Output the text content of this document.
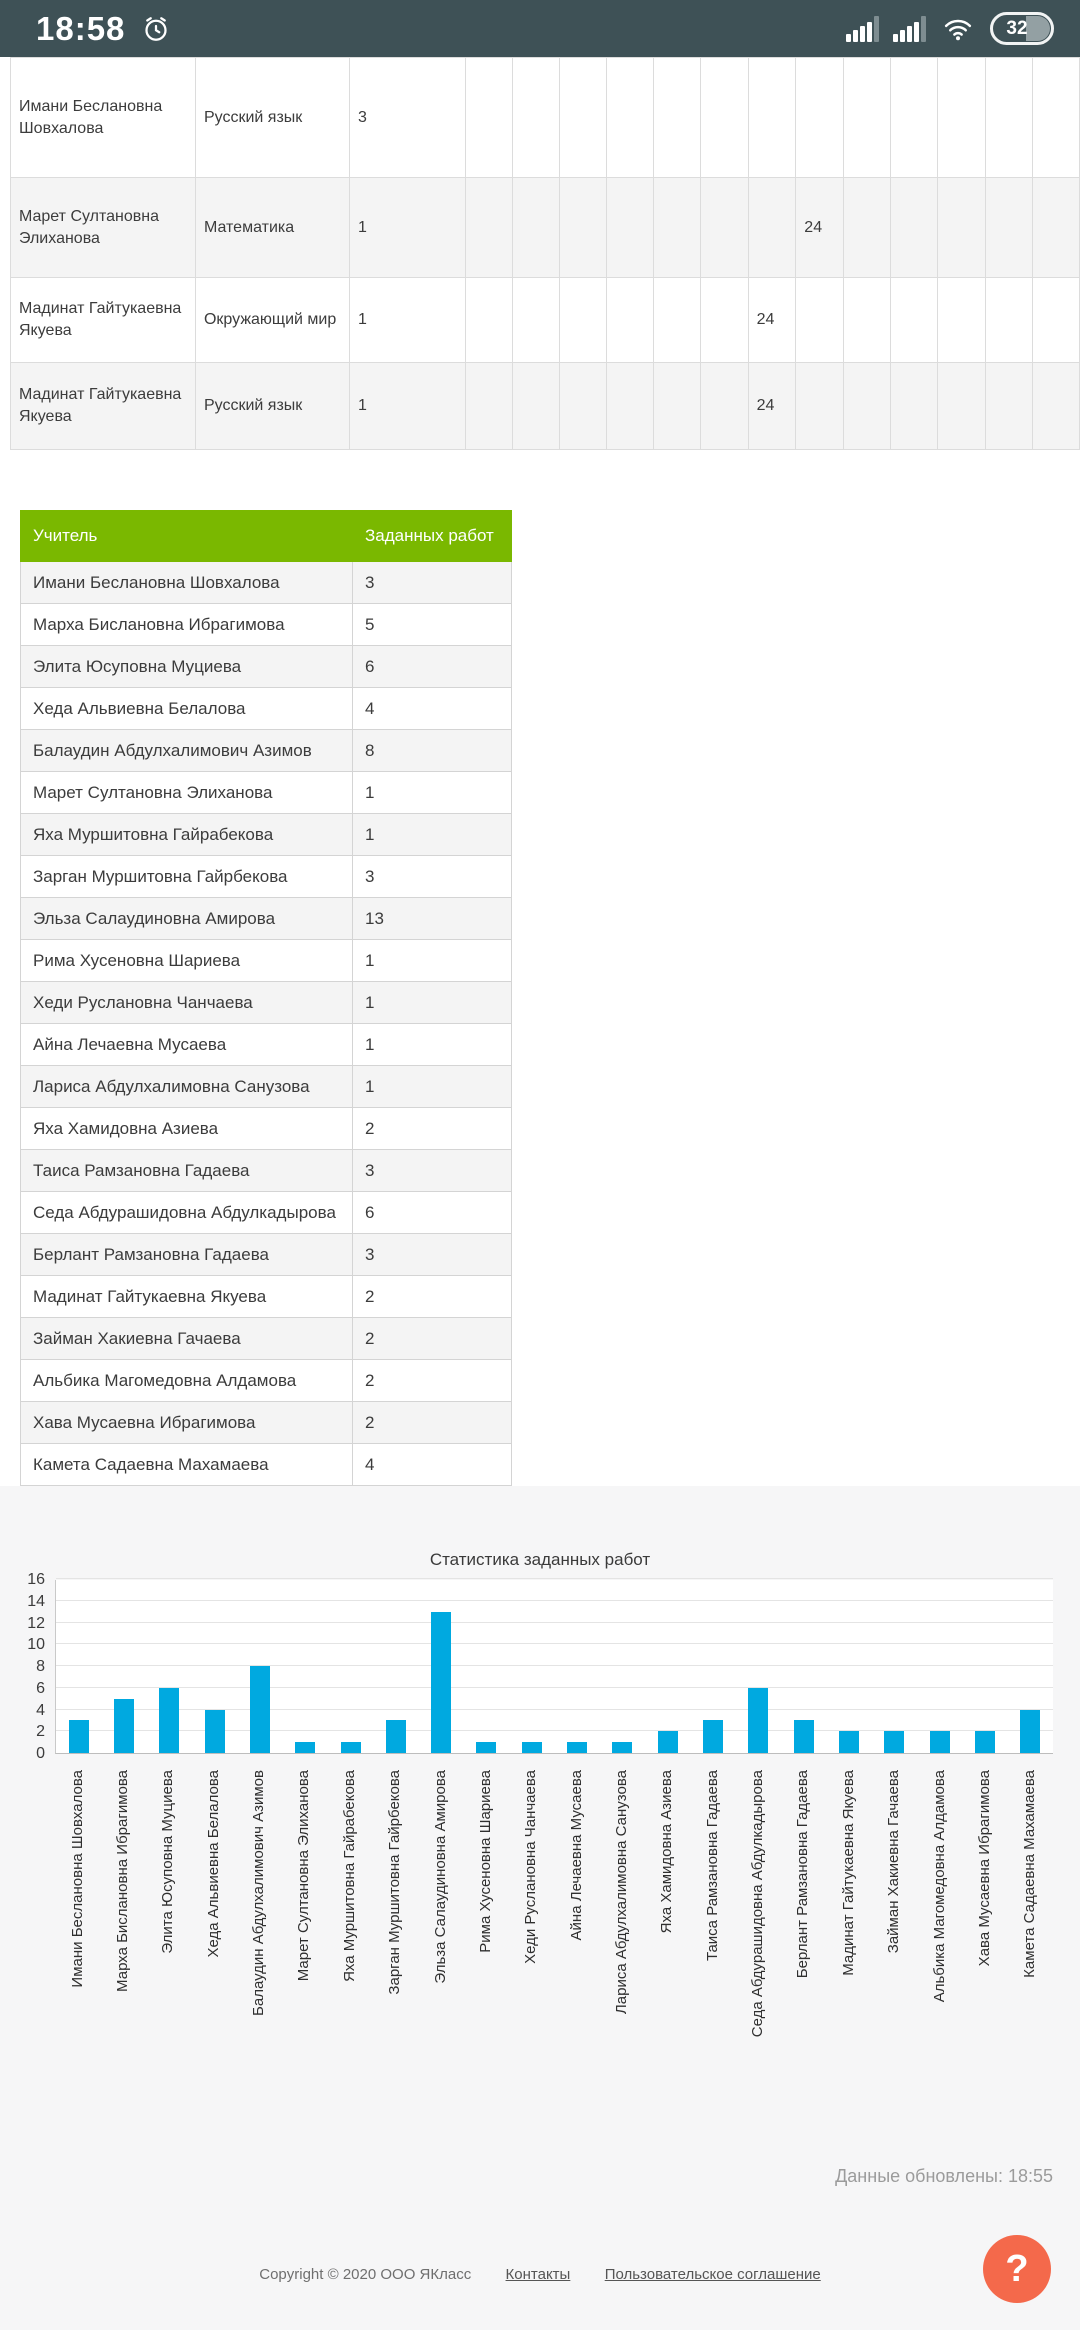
18:58	32
Имани Беслановна Шовхалова	Русский язык	3													
Марет Султановна Элиханова	Математика	1								24					
Мадинат Гайтукаевна Якуева	Окружающий мир	1							24						
Мадинат Гайтукаевна Якуева	Русский язык	1							24						
Учитель	Заданных работ
Имани Беслановна Шовхалова	3
Марха Бислановна Ибрагимова	5
Элита Юсуповна Муциева	6
Хеда Альвиевна Белалова	4
Балаудин Абдулхалимович Азимов	8
Марет Султановна Элиханова	1
Яха Муршитовна Гайрабекова	1
Зарган Муршитовна Гайрбекова	3
Эльза Салаудиновна Амирова	13
Рима Хусеновна Шариева	1
Хеди Руслановна Чанчаева	1
Айна Лечаевна Мусаева	1
Лариса Абдулхалимовна Санузова	1
Яха Хамидовна Азиева	2
Таиса Рамзановна Гадаева	3
Седа Абдурашидовна Абдулкадырова	6
Берлант Рамзановна Гадаева	3
Мадинат Гайтукаевна Якуева	2
Займан Хакиевна Гачаева	2
Альбика Магомедовна Алдамова	2
Хава Мусаевна Ибрагимова	2
Камета Садаевна Махамаева	4
Статистика заданных работ
0
2
4
6
8
10
12
14
16
Имани Беслановна Шовхалова Марха Бислановна Ибрагимова Элита Юсуповна Муциева Хеда Альвиевна Белалова Балаудин Абдулхалимович Азимов Марет Султановна Элиханова Яха Муршитовна Гайрабекова Зарган Муршитовна Гайрбекова Эльза Салаудиновна Амирова Рима Хусеновна Шариева Хеди Руслановна Чанчаева Айна Лечаевна Мусаева Лариса Абдулхалимовна Санузова Яха Хамидовна Азиева Таиса Рамзановна Гадаева Седа Абдурашидовна Абдулкадырова Берлант Рамзановна Гадаева Мадинат Гайтукаевна Якуева Займан Хакиевна Гачаева Альбика Магомедовна Алдамова Хава Мусаевна Ибрагимова Камета Садаевна Махамаева
Данные обновлены: 18:55
?
Copyright © 2020 ООО ЯКласс Контакты Пользовательское соглашение
